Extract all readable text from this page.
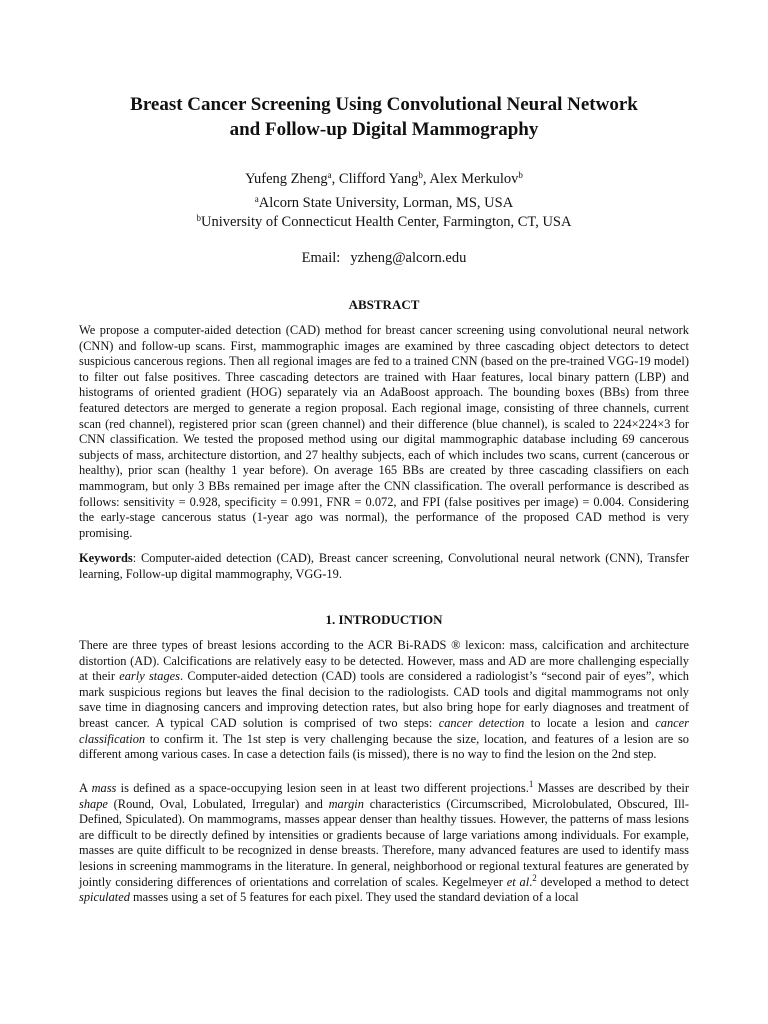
Breast Cancer Screening Using Convolutional Neural Network
and Follow-up Digital Mammography
Yufeng Zheng$^a$, Clifford Yang$^b$, Alex Merkulov$^b$
$^a$Alcorn State University, Lorman, MS, USA
$^b$University of Connecticut Health Center, Farmington, CT, USA
Email: yzheng@alcorn.edu
ABSTRACT

We propose a computer-aided detection (CAD) method for breast cancer screening using convolutional neural network (CNN) and follow-up scans. First, mammographic images are examined by three cascading object detectors to detect suspicious cancerous regions. Then all regional images are fed to a trained CNN (based on the pre-trained VGG-19 model) to filter out false positives. Three cascading detectors are trained with Haar features, local binary pattern (LBP) and histograms of oriented gradient (HOG) separately via an AdaBoost approach. The bounding boxes (BBs) from three featured detectors are merged to generate a region proposal. Each regional image, consisting of three channels, current scan (red channel), registered prior scan (green channel) and their difference (blue channel), is scaled to 224×224×3 for CNN classification. We tested the proposed method using our digital mammographic database including 69 cancerous subjects of mass, architecture distortion, and 27 healthy subjects, each of which includes two scans, current (cancerous or healthy), prior scan (healthy 1 year before). On average 165 BBs are created by three cascading classifiers on each mammogram, but only 3 BBs remained per image after the CNN classification. The overall performance is described as follows: sensitivity = 0.928, specificity = 0.991, FNR = 0.072, and FPI (false positives per image) = 0.004. Considering the early-stage cancerous status (1-year ago was normal), the performance of the proposed CAD method is very promising.

Keywords: Computer-aided detection (CAD), Breast cancer screening, Convolutional neural network (CNN), Transfer learning, Follow-up digital mammography, VGG-19.

1. INTRODUCTION

There are three types of breast lesions according to the ACR Bi-RADS ® lexicon: mass, calcification and architecture distortion (AD). Calcifications are relatively easy to be detected. However, mass and AD are more challenging especially at their early stages. Computer-aided detection (CAD) tools are considered a radiologist’s “second pair of eyes”, which mark suspicious regions but leaves the final decision to the radiologists. CAD tools and digital mammograms not only save time in diagnosing cancers and improving detection rates, but also bring hope for early diagnoses and treatment of breast cancer. A typical CAD solution is comprised of two steps: cancer detection to locate a lesion and cancer classification to confirm it. The 1st step is very challenging because the size, location, and features of a lesion are so different among various cases. In case a detection fails (is missed), there is no way to find the lesion on the 2nd step.

A mass is defined as a space-occupying lesion seen in at least two different projections.$^1$ Masses are described by their shape (Round, Oval, Lobulated, Irregular) and margin characteristics (Circumscribed, Microlobulated, Obscured, Ill-Defined, Spiculated). On mammograms, masses appear denser than healthy tissues. However, the patterns of mass lesions are difficult to be directly defined by intensities or gradients because of large variations among individuals. For example, masses are quite difficult to be recognized in dense breasts. Therefore, many advanced features are used to identify mass lesions in screening mammograms in the literature. In general, neighborhood or regional textural features are generated by jointly considering differences of orientations and correlation of scales. Kegelmeyer et al.$^2$ developed a method to detect spiculated masses using a set of 5 features for each pixel. They used the standard deviation of a local
